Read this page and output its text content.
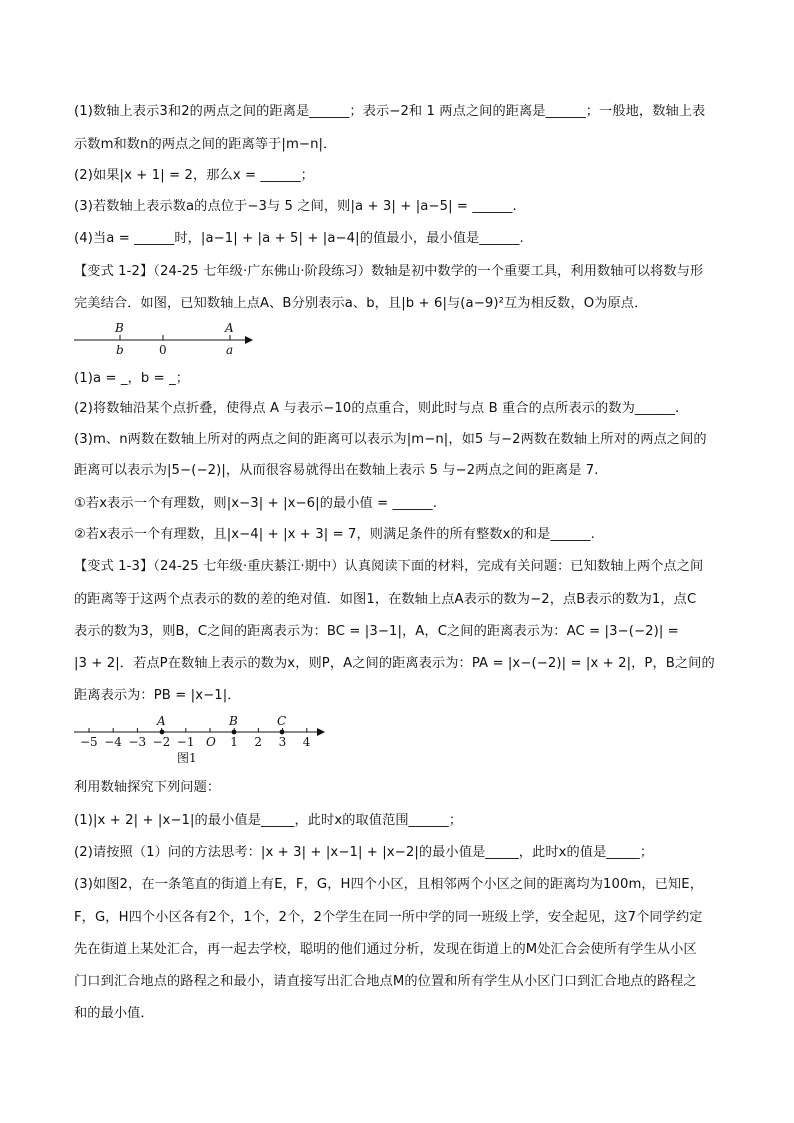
(1)数轴上表示3和2的两点之间的距离是______；表示−2和 1 两点之间的距离是______；一般地，数轴上表
示数m和数n的两点之间的距离等于|m−n|．
(2)如果|x + 1| = 2，那么x = ______；
(3)若数轴上表示数a的点位于−3与 5 之间，则|a + 3| + |a−5| = ______.
(4)当a = ______时，|a−1| + |a + 5| + |a−4|的值最小，最小值是______.
【变式 1-2】（24-25 七年级·广东佛山·阶段练习）数轴是初中数学的一个重要工具，利用数轴可以将数与形
完美结合．如图，已知数轴上点A、B分别表示a、b，且|b + 6|与(a−9)²互为相反数，O为原点．
(1)a = _，b = _；
(2)将数轴沿某个点折叠，使得点 A 与表示−10的点重合，则此时与点 B 重合的点所表示的数为______.
(3)m、n两数在数轴上所对的两点之间的距离可以表示为|m−n|，如5 与−2两数在数轴上所对的两点之间的
距离可以表示为|5−(−2)|，从而很容易就得出在数轴上表示 5 与−2两点之间的距离是 7.
①若x表示一个有理数，则|x−3| + |x−6|的最小值 = ______.
②若x表示一个有理数，且|x−4| + |x + 3| = 7，则满足条件的所有整数x的和是______.
【变式 1-3】（24-25 七年级·重庆綦江·期中）认真阅读下面的材料，完成有关问题：已知数轴上两个点之间
的距离等于这两个点表示的数的差的绝对值．如图1，在数轴上点A表示的数为−2，点B表示的数为1，点C
表示的数为3，则B，C之间的距离表示为：BC = |3−1|，A，C之间的距离表示为：AC = |3−(−2)| =
|3 + 2|．若点P在数轴上表示的数为x，则P，A之间的距离表示为：PA = |x−(−2)| = |x + 2|，P，B之间的
距离表示为：PB = |x−1|．
利用数轴探究下列问题：
(1)|x + 2| + |x−1|的最小值是_____，此时x的取值范围______；
(2)请按照（1）问的方法思考：|x + 3| + |x−1| + |x−2|的最小值是_____，此时x的值是_____；
(3)如图2，在一条笔直的街道上有E，F，G，H四个小区，且相邻两个小区之间的距离均为100m，已知E，
F，G，H四个小区各有2个，1个，2个，2个学生在同一所中学的同一班级上学，安全起见，这7个同学约定
先在街道上某处汇合，再一起去学校，聪明的他们通过分析，发现在街道上的M处汇合会使所有学生从小区
门口到汇合地点的路程之和最小，请直接写出汇合地点M的位置和所有学生从小区门口到汇合地点的路程之
和的最小值．
B	A
b	0	a
−5 −4 −3 −2 −1 O 1 2 3 4
A	B	C
图1
